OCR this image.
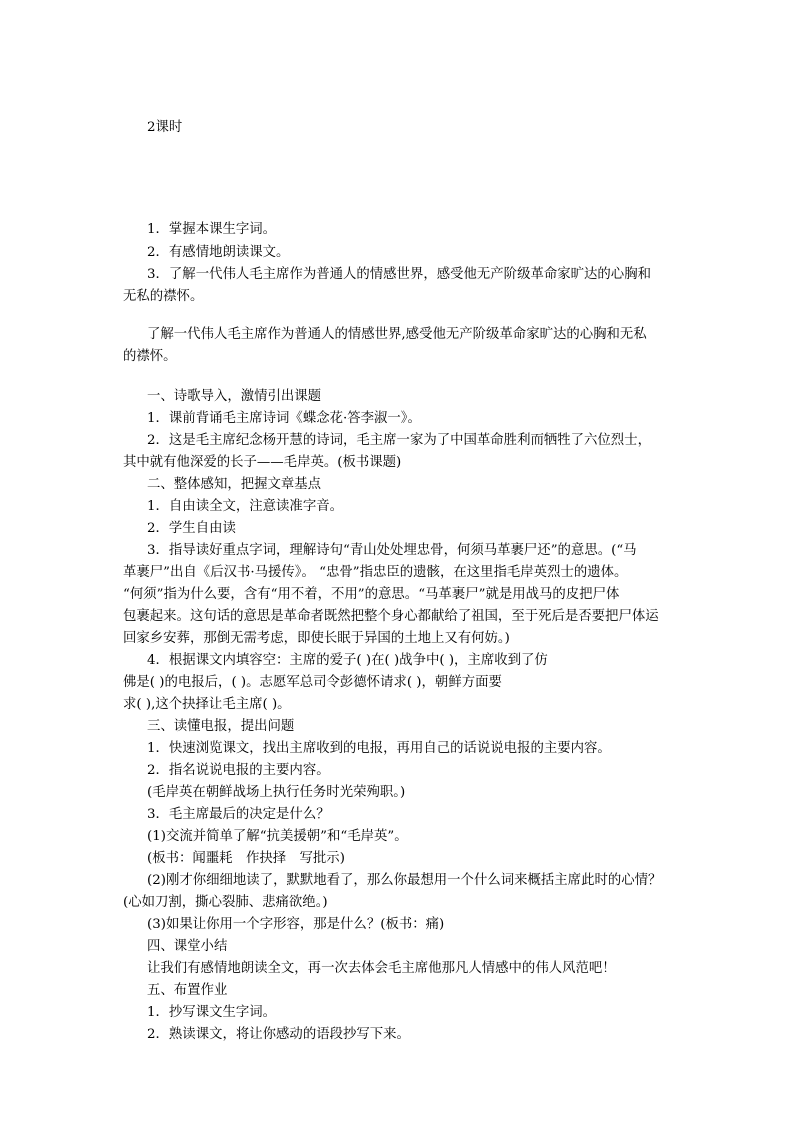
2课时
1．掌握本课生字词。
2．有感情地朗读课文。
3．了解一代伟人毛主席作为普通人的情感世界，感受他无产阶级革命家旷达的心胸和
无私的襟怀。
了解一代伟人毛主席作为普通人的情感世界,感受他无产阶级革命家旷达的心胸和无私
的襟怀。
一、诗歌导入，激情引出课题
1．课前背诵毛主席诗词《蝶念花·答李淑一》。
2．这是毛主席纪念杨开慧的诗词，毛主席一家为了中国革命胜利而牺牲了六位烈士，
其中就有他深爱的长子——毛岸英。(板书课题)
二、整体感知，把握文章基点
1．自由读全文，注意读准字音。
2．学生自由读
3．指导读好重点字词，理解诗句“青山处处埋忠骨，何须马革裹尸还”的意思。(“马
革裹尸”出自《后汉书·马援传》。 “忠骨”指忠臣的遗骸，在这里指毛岸英烈士的遗体。
“何须”指为什么要，含有“用不着，不用”的意思。“马革裹尸”就是用战马的皮把尸体
包裹起来。这句话的意思是革命者既然把整个身心都献给了祖国，至于死后是否要把尸体运
回家乡安葬，那倒无需考虑，即使长眠于异国的土地上又有何妨。)
4．根据课文内填容空：主席的爱子( )在( )战争中( )，主席收到了仿
佛是( )的电报后，( )。志愿军总司令彭德怀请求( )，朝鲜方面要
求( ),这个抉择让毛主席( )。
三、读懂电报，提出问题
1．快速浏览课文，找出主席收到的电报，再用自己的话说说电报的主要内容。
2．指名说说电报的主要内容。
(毛岸英在朝鲜战场上执行任务时光荣殉职。)
3．毛主席最后的决定是什么？
(1)交流并简单了解“抗美援朝”和“毛岸英”。
(板书：闻噩耗　作抉择　写批示)
(2)刚才你细细地读了，默默地看了，那么你最想用一个什么词来概括主席此时的心情？
(心如刀割，撕心裂肺、悲痛欲绝。)
(3)如果让你用一个字形容，那是什么？(板书：痛)
四、课堂小结
让我们有感情地朗读全文，再一次去体会毛主席他那凡人情感中的伟人风范吧！
五、布置作业
1．抄写课文生字词。
2．熟读课文，将让你感动的语段抄写下来。
